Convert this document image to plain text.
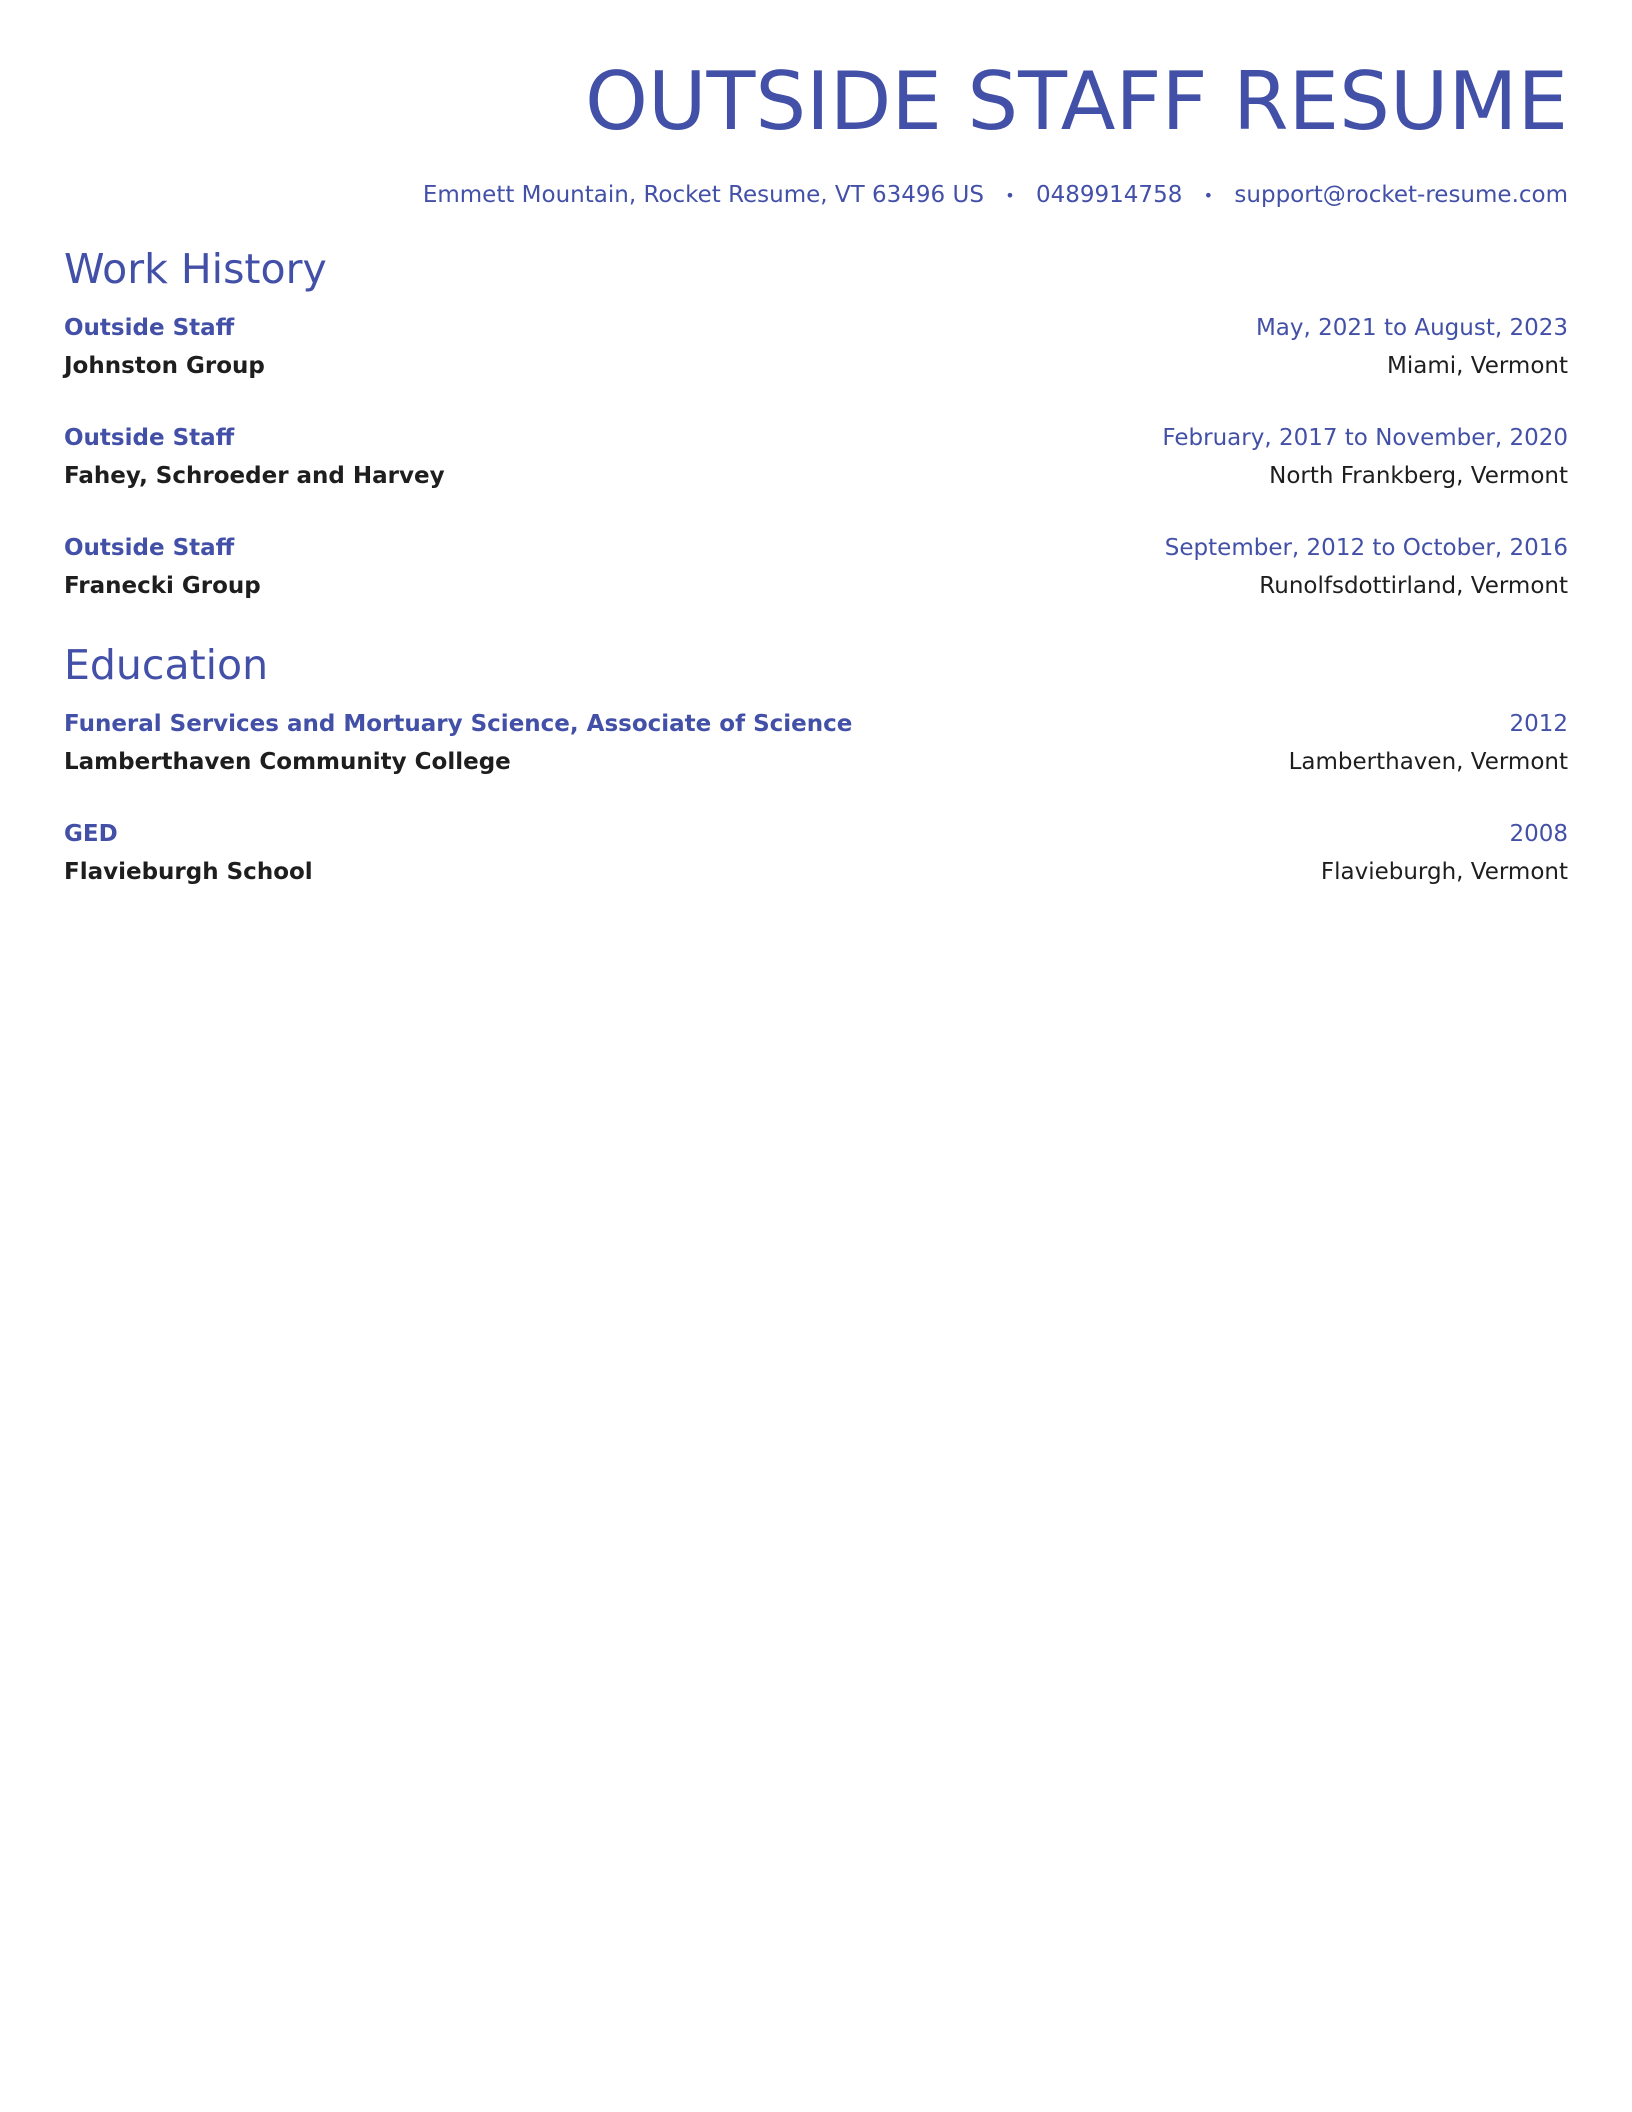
OUTSIDE STAFF RESUME
Emmett Mountain, Rocket Resume, VT 63496 US • 0489914758 • support@rocket-resume.com
Work History
Outside Staff	May, 2021 to August, 2023
Johnston Group	Miami, Vermont
Outside Staff	February, 2017 to November, 2020
Fahey, Schroeder and Harvey	North Frankberg, Vermont
Outside Staff	September, 2012 to October, 2016
Franecki Group	Runolfsdottirland, Vermont
Education
Funeral Services and Mortuary Science, Associate of Science	2012
Lamberthaven Community College	Lamberthaven, Vermont
GED	2008
Flavieburgh School	Flavieburgh, Vermont
